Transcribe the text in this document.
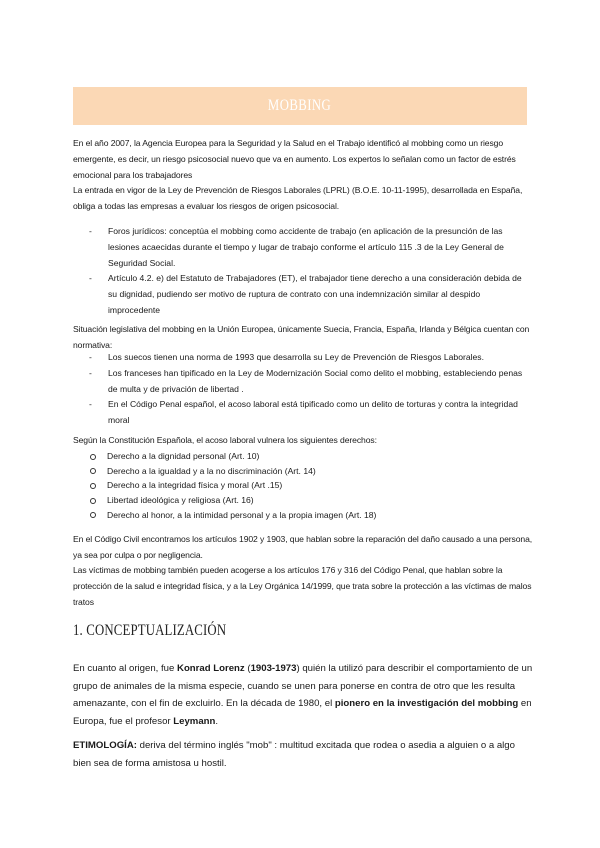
MOBBING

En el año 2007, la Agencia Europea para la Seguridad y la Salud en el Trabajo identificó al mobbing como un riesgo emergente, es decir, un riesgo psicosocial nuevo que va en aumento. Los expertos lo señalan como un factor de estrés emocional para los trabajadores

La entrada en vigor de la Ley de Prevención de Riesgos Laborales (LPRL) (B.O.E. 10-11-1995), desarrollada en España, obliga a todas las empresas a evaluar los riesgos de origen psicosocial.

- Foros jurídicos: conceptúa el mobbing como accidente de trabajo (en aplicación de la presunción de las lesiones acaecidas durante el tiempo y lugar de trabajo conforme el artículo 115 .3 de la Ley General de Seguridad Social.
- Artículo 4.2. e) del Estatuto de Trabajadores (ET), el trabajador tiene derecho a una consideración debida de su dignidad, pudiendo ser motivo de ruptura de contrato con una indemnización similar al despido improcedente

Situación legislativa del mobbing en la Unión Europea, únicamente Suecia, Francia, España, Irlanda y Bélgica cuentan con normativa:

- Los suecos tienen una norma de 1993 que desarrolla su Ley de Prevención de Riesgos Laborales.
- Los franceses han tipificado en la Ley de Modernización Social como delito el mobbing, estableciendo penas de multa y de privación de libertad .
- En el Código Penal español, el acoso laboral está tipificado como un delito de torturas y contra la integridad moral

Según la Constitución Española, el acoso laboral vulnera los siguientes derechos:

Derecho a la dignidad personal (Art. 10)
Derecho a la igualdad y a la no discriminación (Art. 14)
Derecho a la integridad física y moral (Art .15)
Libertad ideológica y religiosa (Art. 16)
Derecho al honor, a la intimidad personal y a la propia imagen (Art. 18)

En el Código Civil encontramos los artículos 1902 y 1903, que hablan sobre la reparación del daño causado a una persona, ya sea por culpa o por negligencia.

Las víctimas de mobbing también pueden acogerse a los artículos 176 y 316 del Código Penal, que hablan sobre la protección de la salud e integridad física, y a la Ley Orgánica 14/1999, que trata sobre la protección a las víctimas de malos tratos

1. CONCEPTUALIZACIÓN

En cuanto al origen, fue Konrad Lorenz (1903-1973) quién la utilizó para describir el comportamiento de un grupo de animales de la misma especie, cuando se unen para ponerse en contra de otro que les resulta amenazante, con el fin de excluirlo. En la década de 1980, el pionero en la investigación del mobbing en Europa, fue el profesor Leymann.

ETIMOLOGÍA: deriva del término inglés "mob" : multitud excitada que rodea o asedia a alguien o a algo bien sea de forma amistosa u hostil.
